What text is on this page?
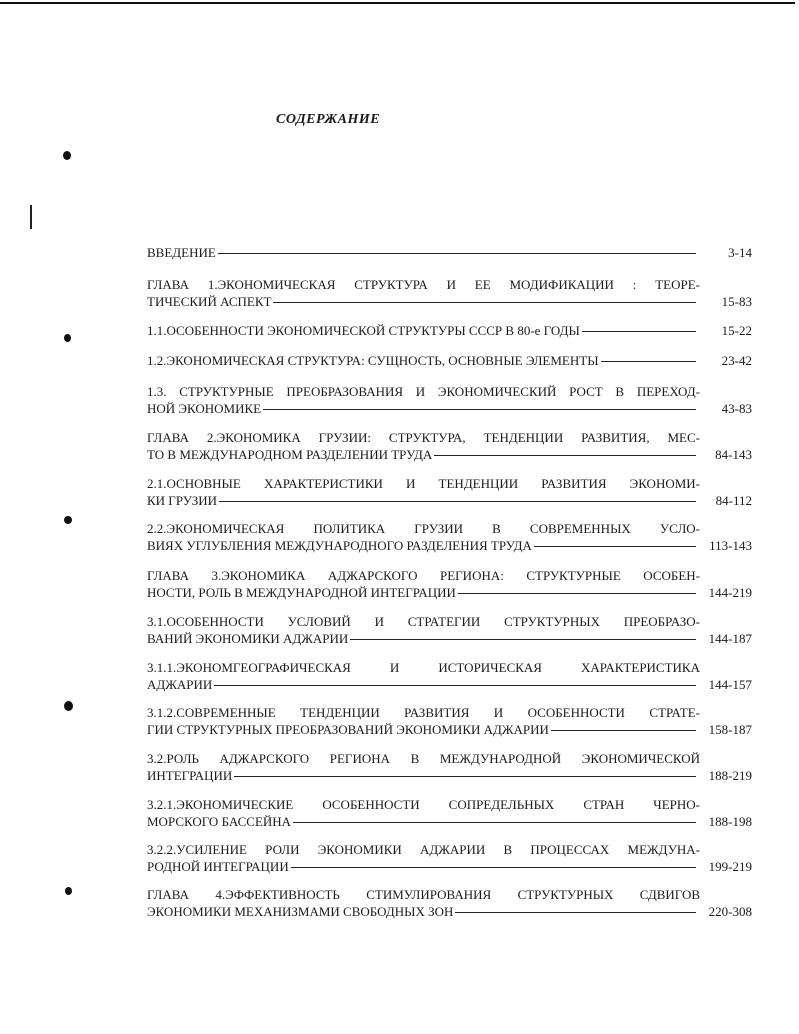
СОДЕРЖАНИЕ
ВВЕДЕНИЕ	3-14
ГЛАВА 1.ЭКОНОМИЧЕСКАЯ СТРУКТУРА И ЕЕ МОДИФИКАЦИИ : ТЕОРЕ-
ТИЧЕСКИЙ АСПЕКТ	15-83
1.1.ОСОБЕННОСТИ ЭКОНОМИЧЕСКОЙ СТРУКТУРЫ СССР В 80-е ГОДЫ	15-22
1.2.ЭКОНОМИЧЕСКАЯ СТРУКТУРА: СУЩНОСТЬ, ОСНОВНЫЕ ЭЛЕМЕНТЫ	23-42
1.3. СТРУКТУРНЫЕ ПРЕОБРАЗОВАНИЯ И ЭКОНОМИЧЕСКИЙ РОСТ В ПЕРЕХОД-
НОЙ ЭКОНОМИКЕ	43-83
ГЛАВА 2.ЭКОНОМИКА ГРУЗИИ: СТРУКТУРА, ТЕНДЕНЦИИ РАЗВИТИЯ, МЕС-
ТО В МЕЖДУНАРОДНОМ РАЗДЕЛЕНИИ ТРУДА	84-143
2.1.ОСНОВНЫЕ ХАРАКТЕРИСТИКИ И ТЕНДЕНЦИИ РАЗВИТИЯ ЭКОНОМИ-
КИ ГРУЗИИ	84-112
2.2.ЭКОНОМИЧЕСКАЯ ПОЛИТИКА ГРУЗИИ В СОВРЕМЕННЫХ УСЛО-
ВИЯХ УГЛУБЛЕНИЯ МЕЖДУНАРОДНОГО РАЗДЕЛЕНИЯ ТРУДА	113-143
ГЛАВА 3.ЭКОНОМИКА АДЖАРСКОГО РЕГИОНА: СТРУКТУРНЫЕ ОСОБЕН-
НОСТИ, РОЛЬ В МЕЖДУНАРОДНОЙ ИНТЕГРАЦИИ	144-219
3.1.ОСОБЕННОСТИ УСЛОВИЙ И СТРАТЕГИИ СТРУКТУРНЫХ ПРЕОБРАЗО-
ВАНИЙ ЭКОНОМИКИ АДЖАРИИ	144-187
3.1.1.ЭКОНОМГЕОГРАФИЧЕСКАЯ И ИСТОРИЧЕСКАЯ ХАРАКТЕРИСТИКА
АДЖАРИИ	144-157
3.1.2.СОВРЕМЕННЫЕ ТЕНДЕНЦИИ РАЗВИТИЯ И ОСОБЕННОСТИ СТРАТЕ-
ГИИ СТРУКТУРНЫХ ПРЕОБРАЗОВАНИЙ ЭКОНОМИКИ АДЖАРИИ	158-187
3.2.РОЛЬ АДЖАРСКОГО РЕГИОНА В МЕЖДУНАРОДНОЙ ЭКОНОМИЧЕСКОЙ
ИНТЕГРАЦИИ	188-219
3.2.1.ЭКОНОМИЧЕСКИЕ ОСОБЕННОСТИ СОПРЕДЕЛЬНЫХ СТРАН ЧЕРНО-
МОРСКОГО БАССЕЙНА	188-198
3.2.2.УСИЛЕНИЕ РОЛИ ЭКОНОМИКИ АДЖАРИИ В ПРОЦЕССАХ МЕЖДУНА-
РОДНОЙ ИНТЕГРАЦИИ	199-219
ГЛАВА 4.ЭФФЕКТИВНОСТЬ СТИМУЛИРОВАНИЯ СТРУКТУРНЫХ СДВИГОВ
ЭКОНОМИКИ МЕХАНИЗМАМИ СВОБОДНЫХ ЗОН	220-308
